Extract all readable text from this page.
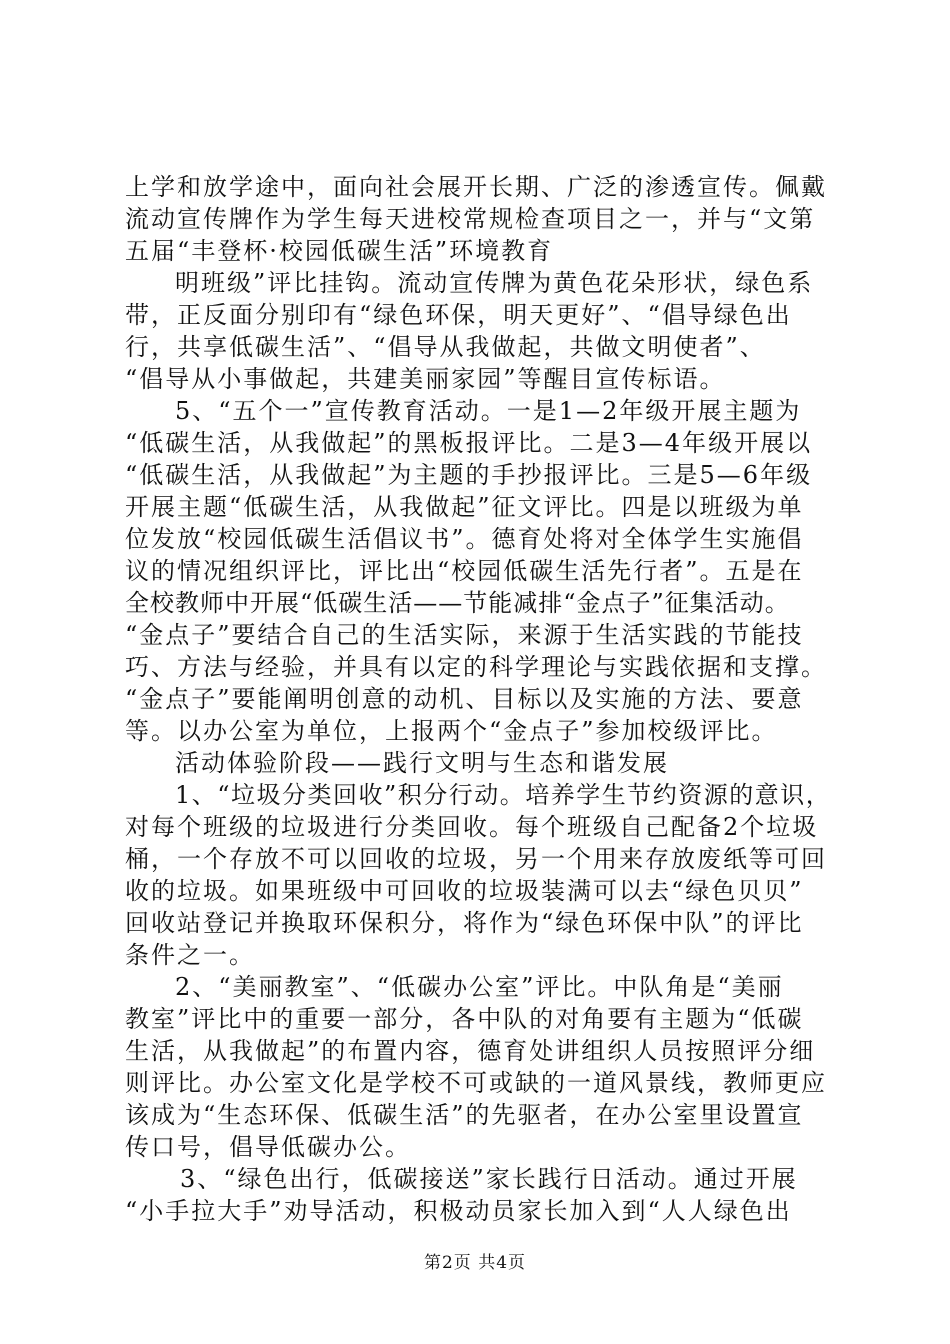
上学和放学途中，面向社会展开长期、广泛的渗透宣传。佩戴
流动宣传牌作为学生每天进校常规检查项目之一，并与“文第
五届“丰登杯·校园低碳生活”环境教育
明班级”评比挂钩。流动宣传牌为黄色花朵形状，绿色系
带，正反面分别印有“绿色环保，明天更好”、“倡导绿色出
行，共享低碳生活”、“倡导从我做起，共做文明使者”、
“倡导从小事做起，共建美丽家园”等醒目宣传标语。
5、“五个一”宣传教育活动。一是1—2年级开展主题为
“低碳生活，从我做起”的黑板报评比。二是3—4年级开展以
“低碳生活，从我做起”为主题的手抄报评比。三是5—6年级
开展主题“低碳生活，从我做起”征文评比。四是以班级为单
位发放“校园低碳生活倡议书”。德育处将对全体学生实施倡
议的情况组织评比，评比出“校园低碳生活先行者”。五是在
全校教师中开展“低碳生活——节能减排“金点子”征集活动。
“金点子”要结合自己的生活实际，来源于生活实践的节能技
巧、方法与经验，并具有以定的科学理论与实践依据和支撑。
“金点子”要能阐明创意的动机、目标以及实施的方法、要意
等。以办公室为单位，上报两个“金点子”参加校级评比。
活动体验阶段——践行文明与生态和谐发展
1、“垃圾分类回收”积分行动。培养学生节约资源的意识，
对每个班级的垃圾进行分类回收。每个班级自己配备2个垃圾
桶，一个存放不可以回收的垃圾，另一个用来存放废纸等可回
收的垃圾。如果班级中可回收的垃圾装满可以去“绿色贝贝”
回收站登记并换取环保积分，将作为“绿色环保中队”的评比
条件之一。
2、“美丽教室”、“低碳办公室”评比。中队角是“美丽
教室”评比中的重要一部分，各中队的对角要有主题为“低碳
生活，从我做起”的布置内容，德育处讲组织人员按照评分细
则评比。办公室文化是学校不可或缺的一道风景线，教师更应
该成为“生态环保、低碳生活”的先驱者，在办公室里设置宣
传口号，倡导低碳办公。
3、“绿色出行，低碳接送”家长践行日活动。通过开展
“小手拉大手”劝导活动，积极动员家长加入到“人人绿色出
第2页 共4页
